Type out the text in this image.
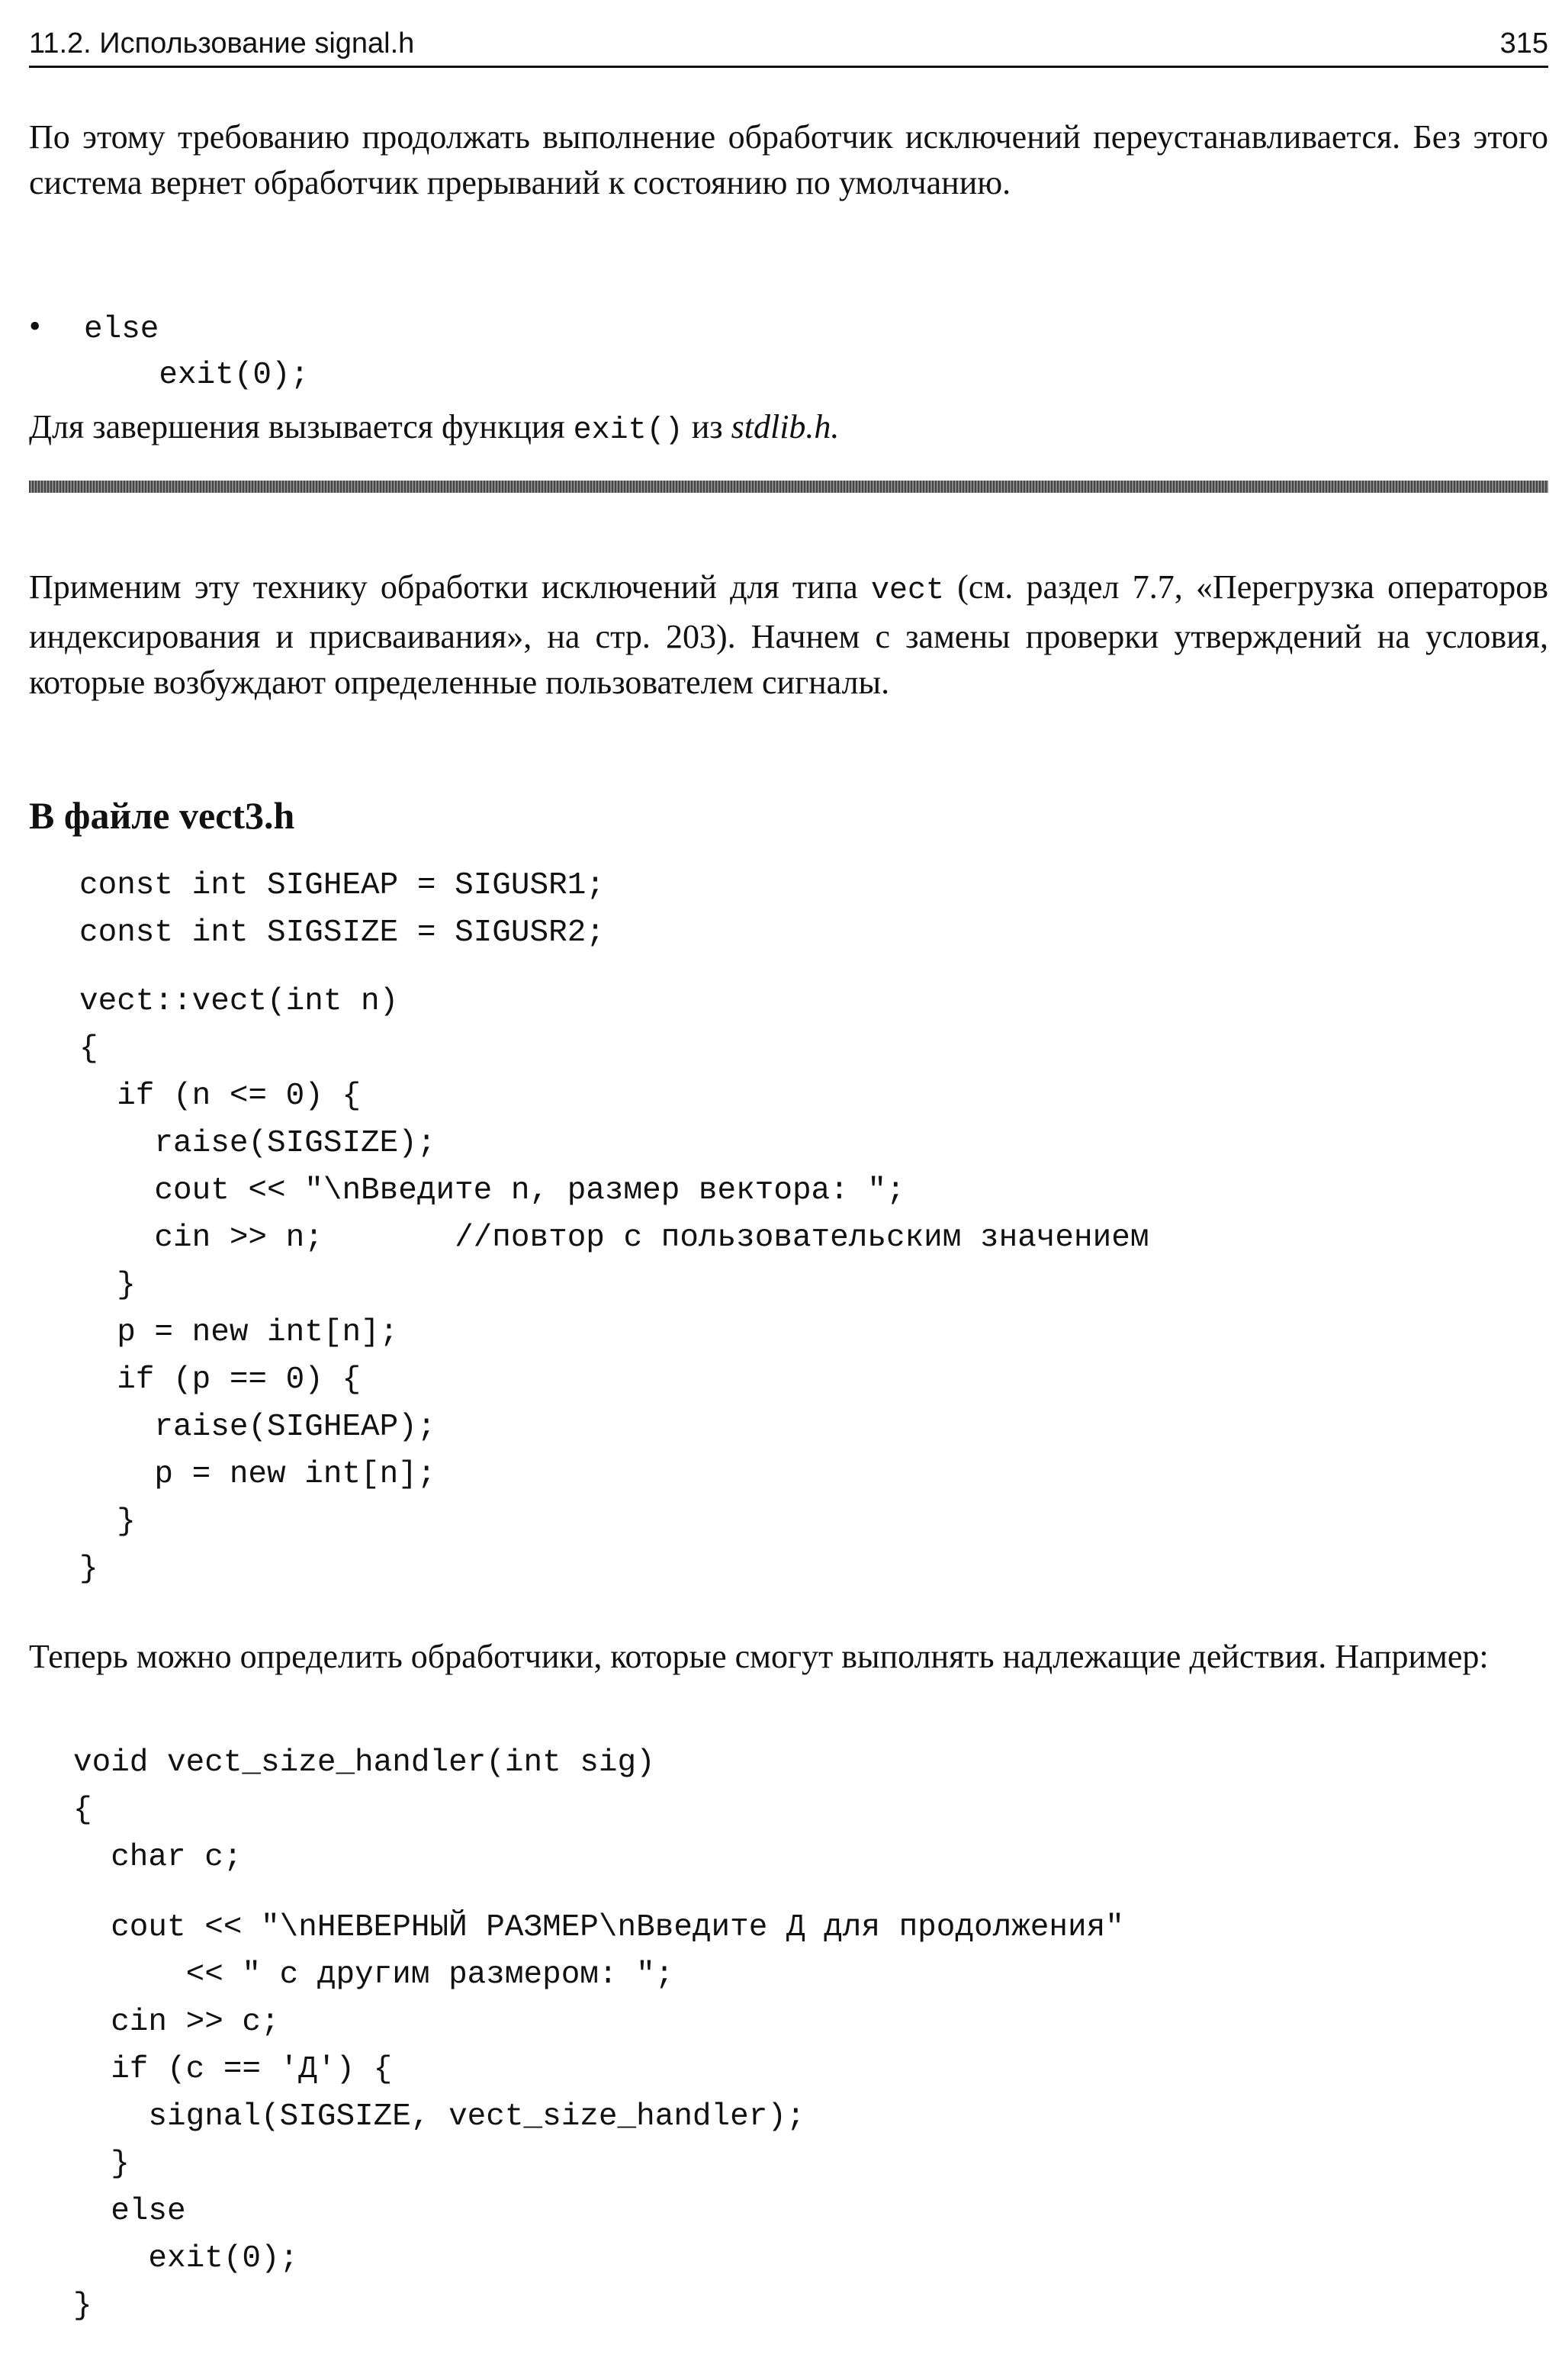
11.2. Использование signal.h	315

По этому требованию продолжать выполнение обработчик исключений переустанавливается. Без этого система вернет обработчик прерываний к состоянию по умолчанию.

• else
exit(0);

Для завершения вызывается функция exit() из stdlib.h.

Применим эту технику обработки исключений для типа vect (см. раздел 7.7, «Перегрузка операторов индексирования и присваивания», на стр. 203). Начнем с замены проверки утверждений на условия, которые возбуждают определенные пользователем сигналы.

В файле vect3.h
const int SIGHEAP = SIGUSR1;
const int SIGSIZE = SIGUSR2;
vect::vect(int n)
{
if (n <= 0) {
raise(SIGSIZE);
cout << "\nВведите n, размер вектора: ";
cin >> n;       //повтор с пользовательским значением
}
p = new int[n];
if (p == 0) {
raise(SIGHEAP);
p = new int[n];
}
}

Теперь можно определить обработчики, которые смогут выполнять надлежащие действия. Например:

void vect_size_handler(int sig)
{
char c;
cout << "\nНЕВЕРНЫЙ РАЗМЕР\nВведите Д для продолжения"
<< " с другим размером: ";
cin >> c;
if (c == 'Д') {
signal(SIGSIZE, vect_size_handler);
}
else
exit(0);
}
